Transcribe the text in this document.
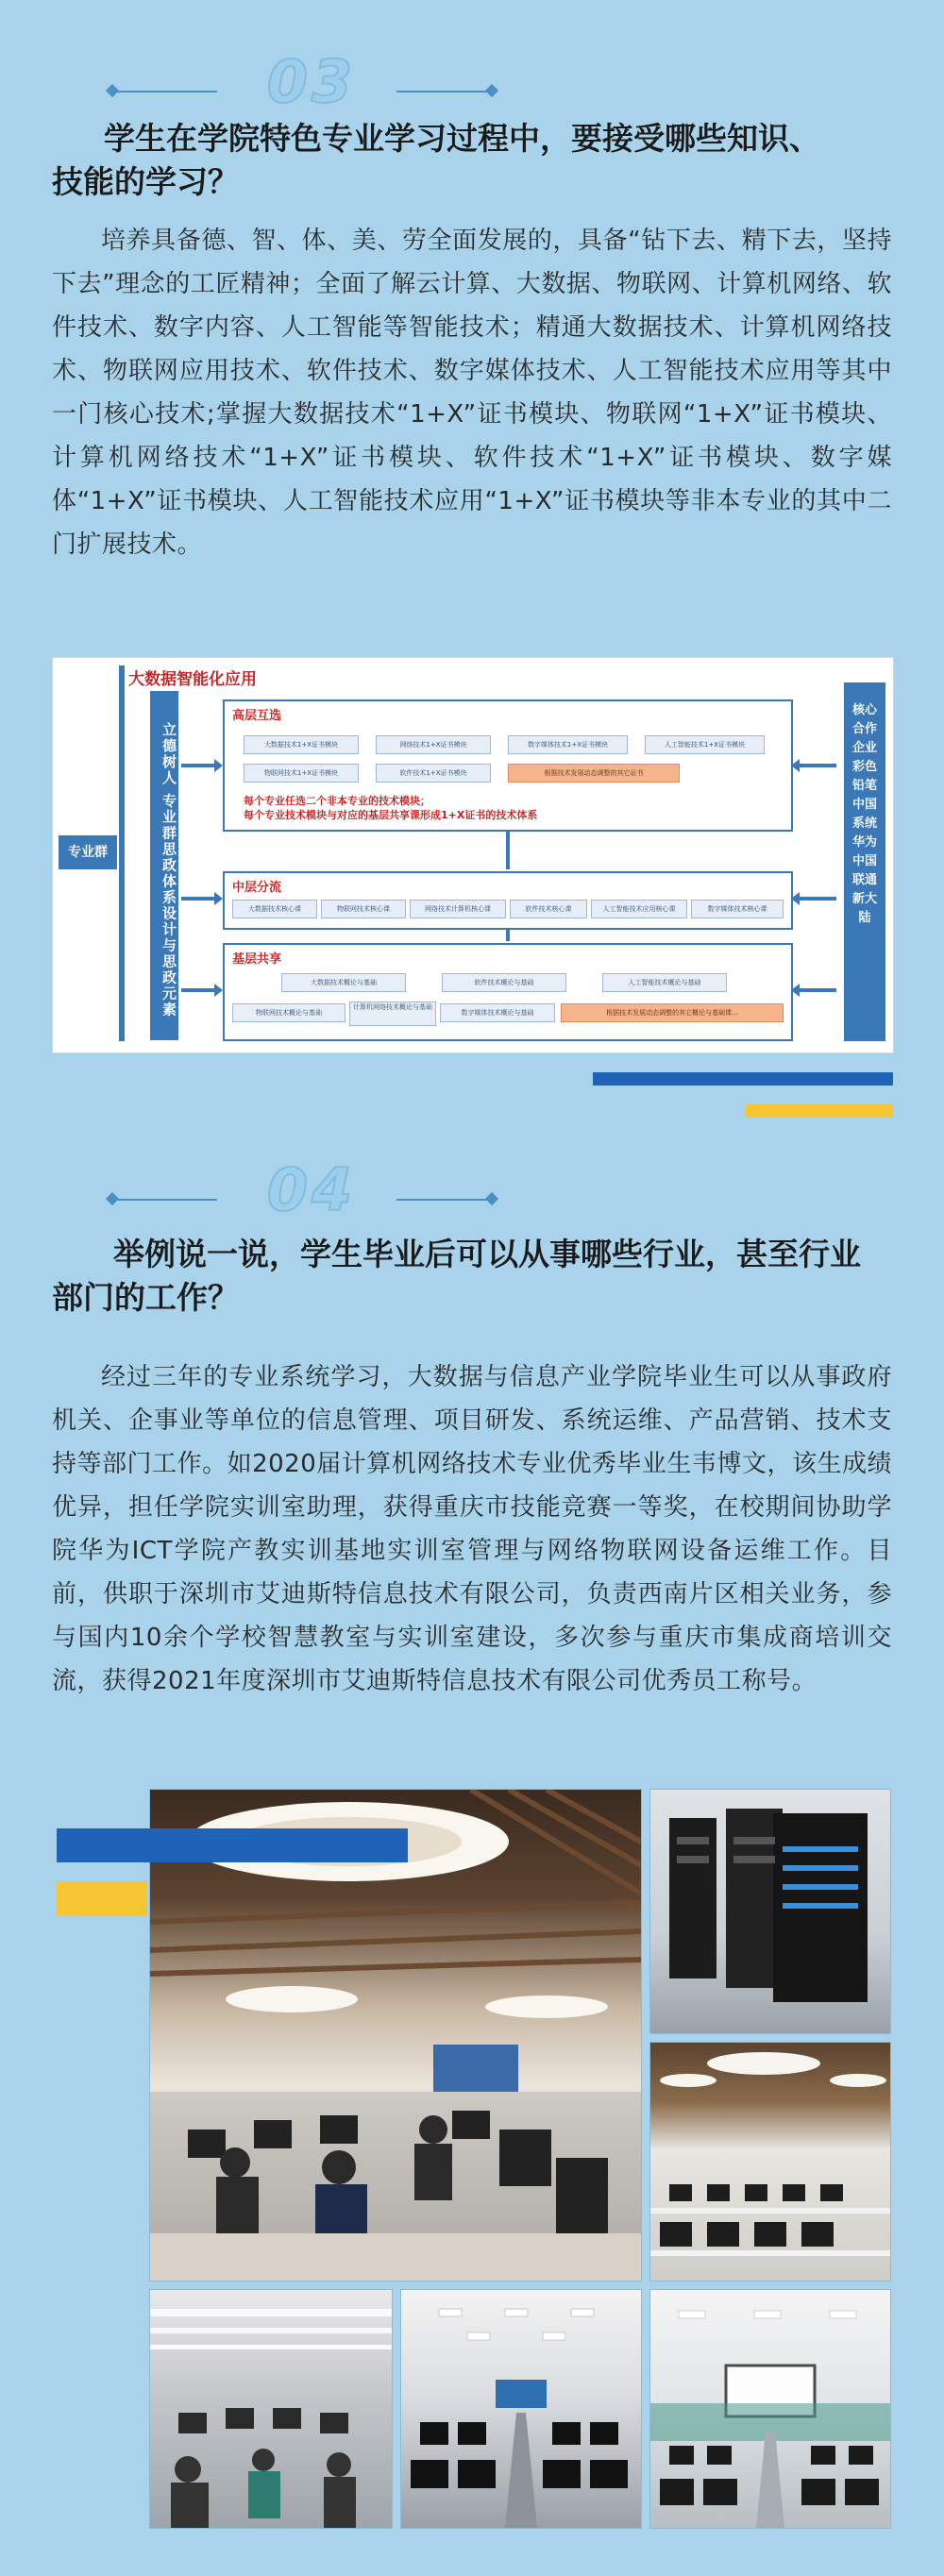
03
学生在学院特色专业学习过程中，要接受哪些知识、
技能的学习？
培养具备德、智、体、美、劳全面发展的，具备“钻下去、精下去，坚持下去”理念的工匠精神；全面了解云计算、大数据、物联网、计算机网络、软件技术、数字内容、人工智能等智能技术；精通大数据技术、计算机网络技术、物联网应用技术、软件技术、数字媒体技术、人工智能技术应用等其中一门核心技术;掌握大数据技术“1+X”证书模块、物联网“1+X”证书模块、计算机网络技术“1+X”证书模块、软件技术“1+X”证书模块、数字媒体“1+X”证书模块、人工智能技术应用“1+X”证书模块等非本专业的其中二门扩展技术。
专业群
大数据智能化应用
立德树人 专业群思政体系设计与思政元素
高层互选
大数据技术1+X证书模块	网络技术1+X证书模块	数字媒体技术1+X证书模块	人工智能技术1+X证书模块
物联网技术1+X证书模块	软件技术1+X证书模块	根据技术发展动态调整的其它证书
每个专业任选二个非本专业的技术模块；
每个专业技术模块与对应的基层共享课形成1+X证书的技术体系
中层分流
大数据技术核心课	物联网技术核心课	网络技术计算机核心课	软件技术核心课	人工智能技术应用核心课	数字媒体技术核心课
基层共享
大数据技术概论与基础	软件技术概论与基础	人工智能技术概论与基础
物联网技术概论与基础
计算机网络技术概论与基础
数字媒体技术概论与基础	根据技术发展动态调整的其它概论与基础课...
核心合作企业 彩色铅笔 中国系统 华为 中国联通 新大陆
04
举例说一说，学生毕业后可以从事哪些行业，甚至行业
部门的工作？
经过三年的专业系统学习，大数据与信息产业学院毕业生可以从事政府机关、企事业等单位的信息管理、项目研发、系统运维、产品营销、技术支持等部门工作。如2020届计算机网络技术专业优秀毕业生韦博文，该生成绩优异，担任学院实训室助理，获得重庆市技能竞赛一等奖，在校期间协助学院华为ICT学院产教实训基地实训室管理与网络物联网设备运维工作。目前，供职于深圳市艾迪斯特信息技术有限公司，负责西南片区相关业务，参与国内10余个学校智慧教室与实训室建设，多次参与重庆市集成商培训交流，获得2021年度深圳市艾迪斯特信息技术有限公司优秀员工称号。
